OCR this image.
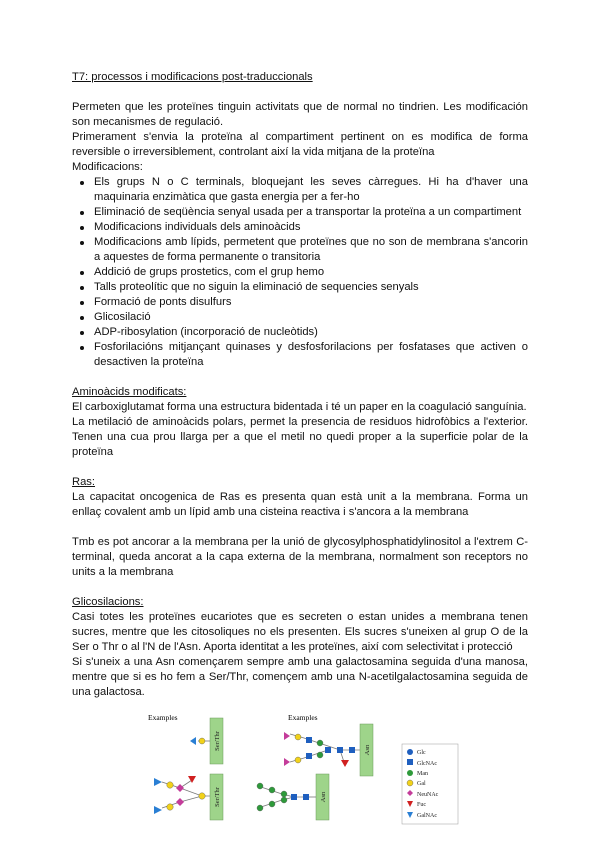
T7: processos i modificacions post-traduccionals

Permeten que les proteïnes tinguin activitats que de normal no tindrien. Les modificación son mecanismes de regulació.

Primerament s'envia la proteïna al compartiment pertinent on es modifica de forma reversible o irreversiblement, controlant així la vida mitjana de la proteïna

Modificacions:

Els grups N o C terminals, bloquejant les seves càrregues. Hi ha d'haver una maquinaria enzimàtica que gasta energia per a fer-ho
Eliminació de seqüència senyal usada per a transportar la proteïna a un compartiment
Modificacions individuals dels aminoàcids
Modificacions amb lípids, permetent que proteïnes que no son de membrana s'ancorin a aquestes de forma permanente o transitoria
Addició de grups prostetics, com el grup hemo
Talls proteolític que no siguin la eliminació de sequencies senyals
Formació de ponts disulfurs
Glicosilació
ADP-ribosylation (incorporació de nucleòtids)
Fosforilacións mitjançant quinases y desfosforilacions per fosfatases que activen o desactiven la proteïna

Aminoàcids modificats:

El carboxiglutamat forma una estructura bidentada i té un paper en la coagulació sanguínia.

La metilació de aminoàcids polars, permet la presencia de residuos hidrofòbics a l'exterior. Tenen una cua prou llarga per a que el metil no quedi proper a la superficie polar de la proteïna

Ras:

La capacitat oncogenica de Ras es presenta quan està unit a la membrana. Forma un enllaç covalent amb un lípid amb una cisteina reactiva i s'ancora a la membrana

Tmb es pot ancorar a la membrana per la unió de glycosylphosphatidylinositol a l'extrem C-terminal, queda ancorat a la capa externa de la membrana, normalment son receptors no units a la membrana

Glicosilacions:

Casi totes les proteïnes eucariotes que es secreten o estan unides a membrana tenen sucres, mentre que les citosoliques no els presenten. Els sucres s'uneixen al grup O de la Ser o Thr o al l'N de l'Asn. Aporta identitat a les proteïnes, així com selectivitat i protecció

Si s'uneix a una Asn començarem sempre amb una galactosamina seguida d'una manosa, mentre que si es ho fem a Ser/Thr, començem amb una N-acetilgalactosamina seguida de una galactosa.

Examples	Examples
Ser/Thr
Ser/Thr
Asn
Asn
Glc
GlcNAc
Man
Gal
NeuNAc
Fuc
GalNAc
